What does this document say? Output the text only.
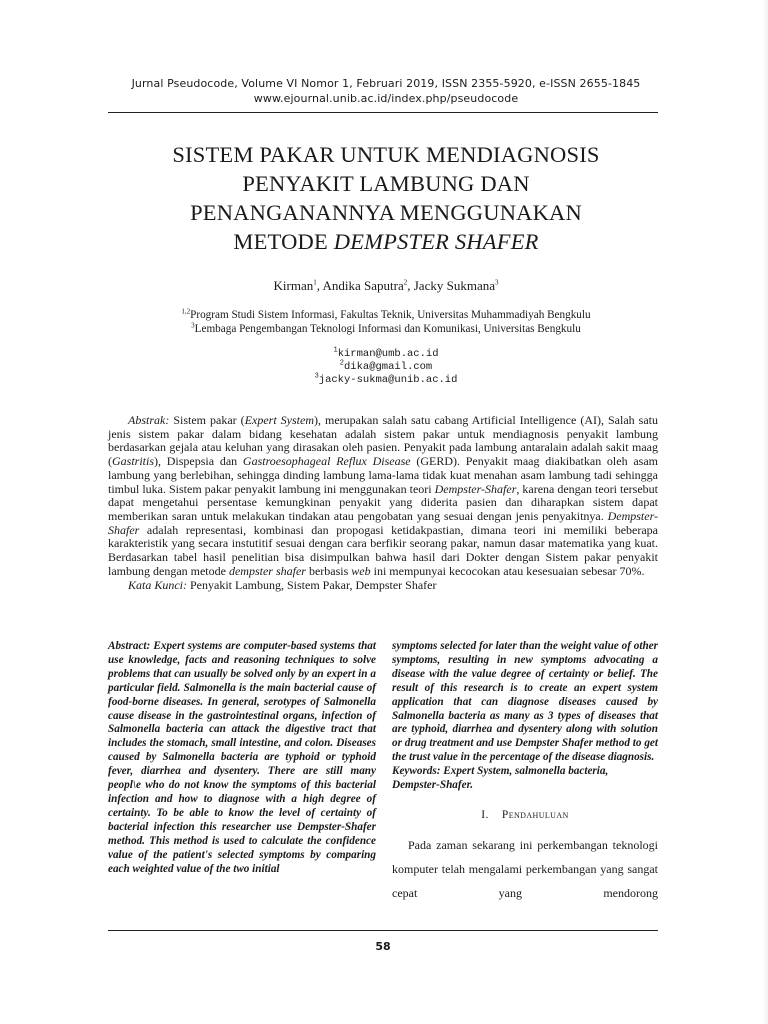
Jurnal Pseudocode, Volume VI Nomor 1, Februari 2019, ISSN 2355-5920, e-ISSN 2655-1845
www.ejournal.unib.ac.id/index.php/pseudocode
SISTEM PAKAR UNTUK MENDIAGNOSIS
PENYAKIT LAMBUNG DAN
PENANGANANNYA MENGGUNAKAN
METODE DEMPSTER SHAFER
Kirman$^1$, Andika Saputra$^2$, Jacky Sukmana$^3$
$^{1,2}$Program Studi Sistem Informasi, Fakultas Teknik, Universitas Muhammadiyah Bengkulu
$^3$Lembaga Pengembangan Teknologi Informasi dan Komunikasi, Universitas Bengkulu
$^1$kirman@umb.ac.id
$^2$dika@gmail.com
$^3$jacky-sukma@unib.ac.id

Abstrak: Sistem pakar (Expert System), merupakan salah satu cabang Artificial Intelligence (AI), Salah satu jenis sistem pakar dalam bidang kesehatan adalah sistem pakar untuk mendiagnosis penyakit lambung berdasarkan gejala atau keluhan yang dirasakan oleh pasien. Penyakit pada lambung antaralain adalah sakit maag (Gastritis), Dispepsia dan Gastroesophageal Reflux Disease (GERD). Penyakit maag diakibatkan oleh asam lambung yang berlebihan, sehingga dinding lambung lama-lama tidak kuat menahan asam lambung tadi sehingga timbul luka. Sistem pakar penyakit lambung ini menggunakan teori Dempster-Shafer, karena dengan teori tersebut dapat mengetahui persentase kemungkinan penyakit yang diderita pasien dan diharapkan sistem dapat memberikan saran untuk melakukan tindakan atau pengobatan yang sesuai dengan jenis penyakitnya. Dempster-Shafer adalah representasi, kombinasi dan propogasi ketidakpastian, dimana teori ini memiliki beberapa karakteristik yang secara instutitif sesuai dengan cara berfikir seorang pakar, namun dasar matematika yang kuat. Berdasarkan tabel hasil penelitian bisa disimpulkan bahwa hasil dari Dokter dengan Sistem pakar penyakit lambung dengan metode dempster shafer berbasis web ini mempunyai kecocokan atau kesesuaian sebesar 70%.

Kata Kunci: Penyakit Lambung, Sistem Pakar, Dempster Shafer

Abstract: Expert systems are computer-based systems that use knowledge, facts and reasoning techniques to solve problems that can usually be solved only by an expert in a particular field. Salmonella is the main bacterial cause of food-borne diseases. In general, serotypes of Salmonella cause disease in the gastrointestinal organs, infection of Salmonella bacteria can attack the digestive tract that includes the stomach, small intestine, and colon. Diseases caused by Salmonella bacteria are typhoid or typhoid fever, diarrhea and dysentery. There are still many peopl\e who do not know the symptoms of this bacterial infection and how to diagnose with a high degree of certainty. To be able to know the level of certainty of bacterial infection this researcher use Dempster-Shafer method. This method is used to calculate the confidence value of the patient's selected symptoms by comparing each weighted value of the two initial

symptoms selected for later than the weight value of other symptoms, resulting in new symptoms advocating a disease with the value degree of certainty or belief. The result of this research is to create an expert system application that can diagnose diseases caused by Salmonella bacteria as many as 3 types of diseases that are typhoid, diarrhea and dysentery along with solution or drug treatment and use Dempster Shafer method to get the trust value in the percentage of the disease diagnosis.

Keywords: Expert System, salmonella bacteria, Dempster-Shafer.

I. Pendahuluan

Pada zaman sekarang ini perkembangan teknologi komputer telah mengalami perkembangan yang sangat cepat yang mendorong

58
